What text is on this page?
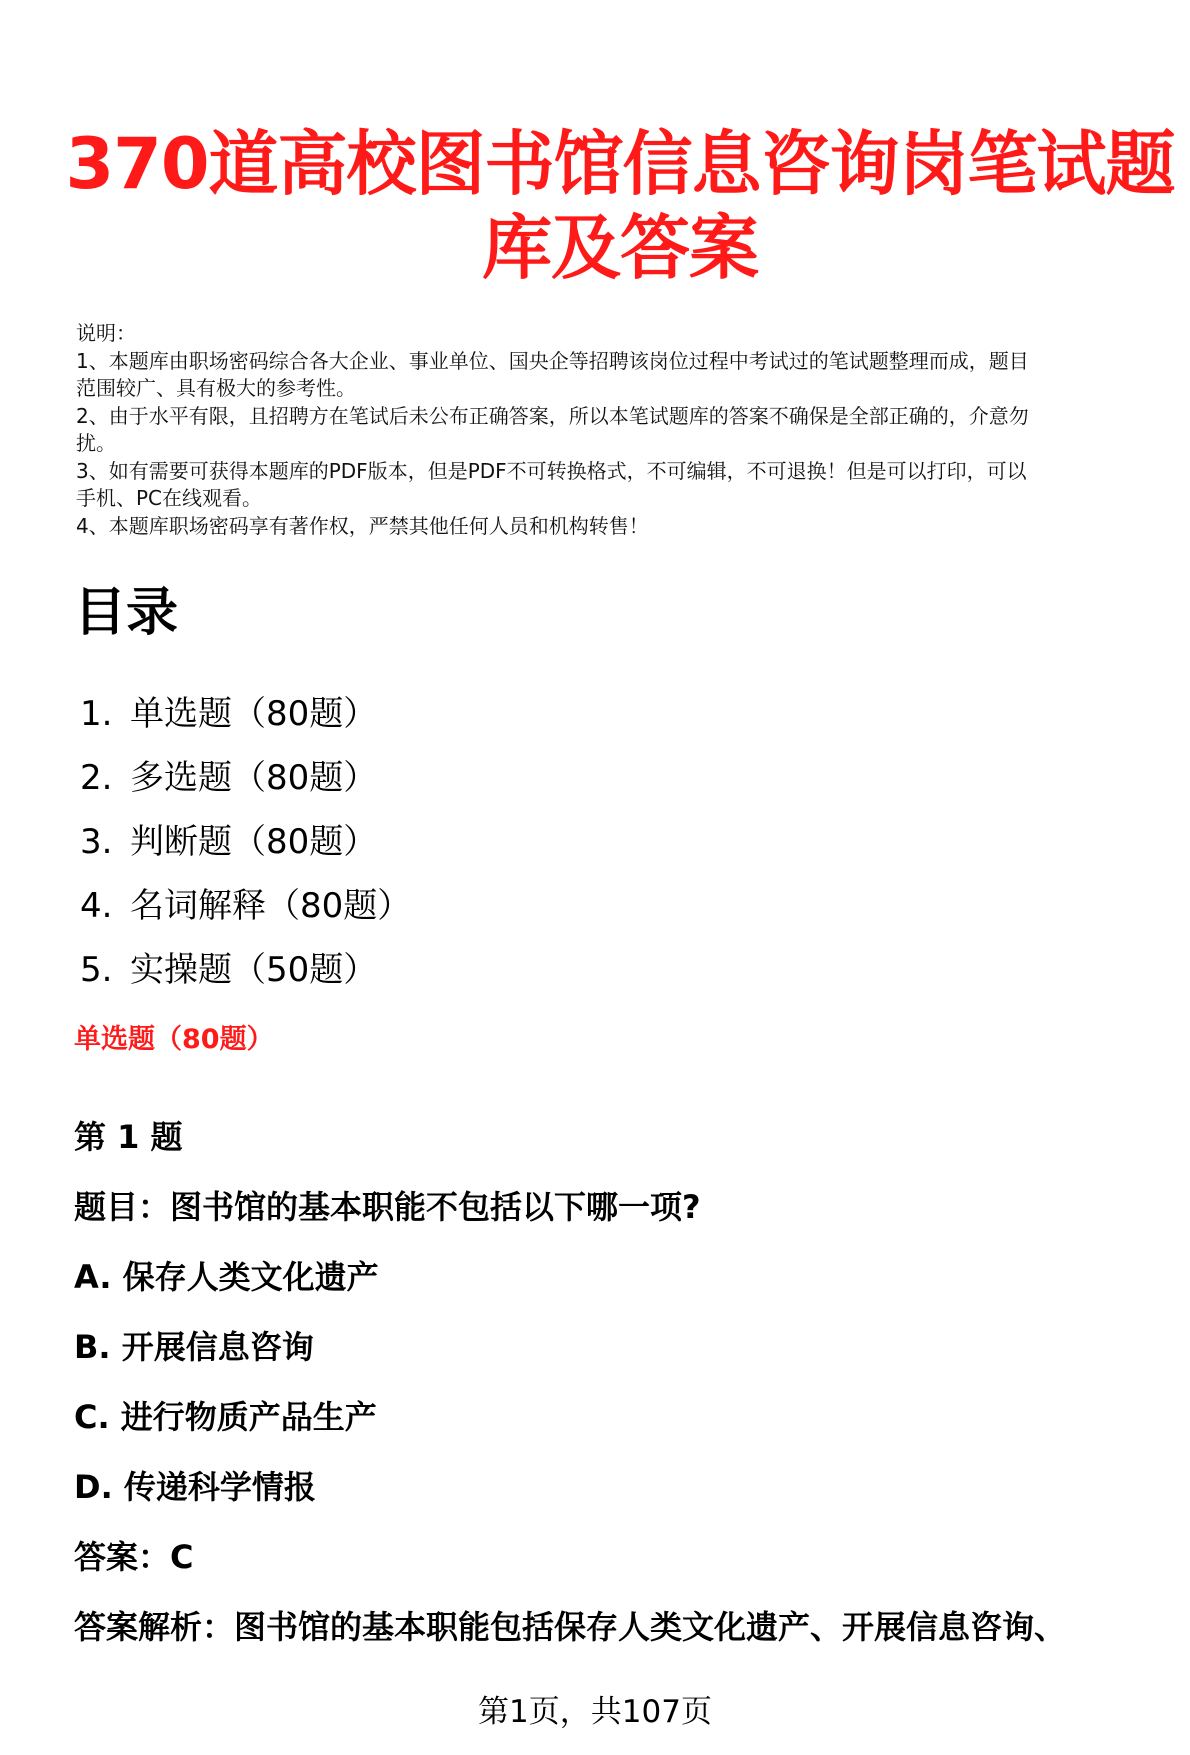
370道高校图书馆信息咨询岗笔试题
库及答案
说明：
1、本题库由职场密码综合各大企业、事业单位、国央企等招聘该岗位过程中考试过的笔试题整理而成，题目
范围较广、具有极大的参考性。
2、由于水平有限，且招聘方在笔试后未公布正确答案，所以本笔试题库的答案不确保是全部正确的，介意勿
扰。
3、如有需要可获得本题库的PDF版本，但是PDF不可转换格式，不可编辑，不可退换！但是可以打印，可以
手机、PC在线观看。
4、本题库职场密码享有著作权，严禁其他任何人员和机构转售！
目录
1. 单选题（80题）
2. 多选题（80题）
3. 判断题（80题）
4. 名词解释（80题）
5. 实操题（50题）
单选题（80题）
第 1 题
题目：图书馆的基本职能不包括以下哪一项?
A. 保存人类文化遗产
B. 开展信息咨询
C. 进行物质产品生产
D. 传递科学情报
答案：C
答案解析：图书馆的基本职能包括保存人类文化遗产、开展信息咨询、
第1页，共107页
